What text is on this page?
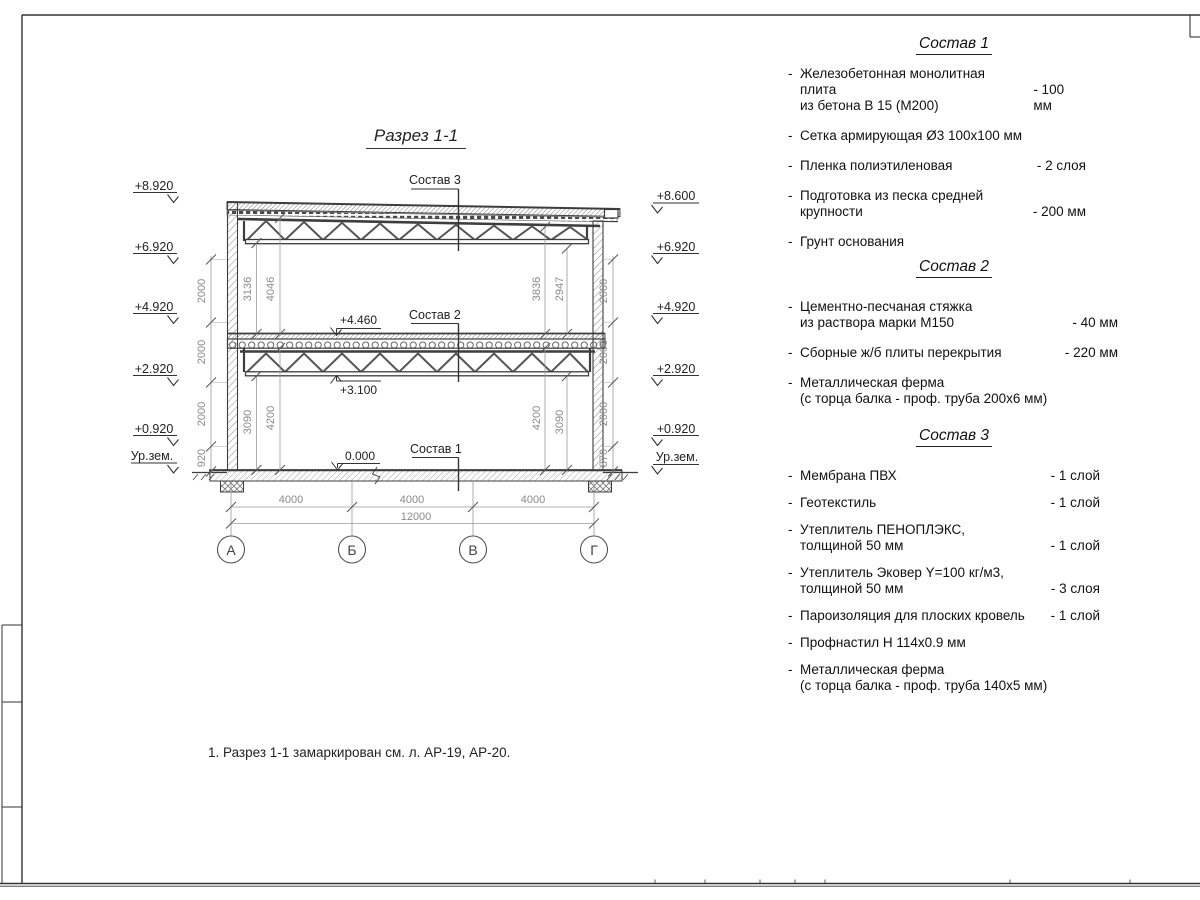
Разрез 1-1
Состав 3
Состав 2
Состав 1
+8.920
+6.920
+4.920
+2.920
+0.920
Ур.зем.
+8.600
+6.920
+4.920
+2.920
+0.920
Ур.зем.
2000
2000
2000
920
2000
2000
2000
870
3136 4046	3836 2947
3090 4200	4200 3090
+4.460
+3.100
0.000
4000	4000	4000
12000
А	Б	В	Г
1. Разрез 1-1 замаркирован см. л. АР-19, АР-20.
Состав 1
- Железобетонная монолитная плита
из бетона В 15 (М200)
- 100 мм
- Сетка армирующая Ø3 100х100 мм
- Пленка полиэтиленовая	- 2 слоя
- Подготовка из песка средней
крупности	- 200 мм
- Грунт основания
Состав 2
- Цементно-песчаная стяжка
из раствора марки М150	- 40 мм
- Сборные ж/б плиты перекрытия	- 220 мм
- Металлическая ферма
(с торца балка - проф. труба 200х6 мм)
Состав 3
- Мембрана ПВХ	- 1 слой
- Геотекстиль	- 1 слой
- Утеплитель ПЕНОПЛЭКС,
толщиной 50 мм	- 1 слой
- Утеплитель Эковер Y=100 кг/м3,
толщиной 50 мм	- 3 слоя
- Пароизоляция для плоских кровель	- 1 слой
- Профнастил Н 114х0.9 мм
- Металлическая ферма
(с торца балка - проф. труба 140х5 мм)
